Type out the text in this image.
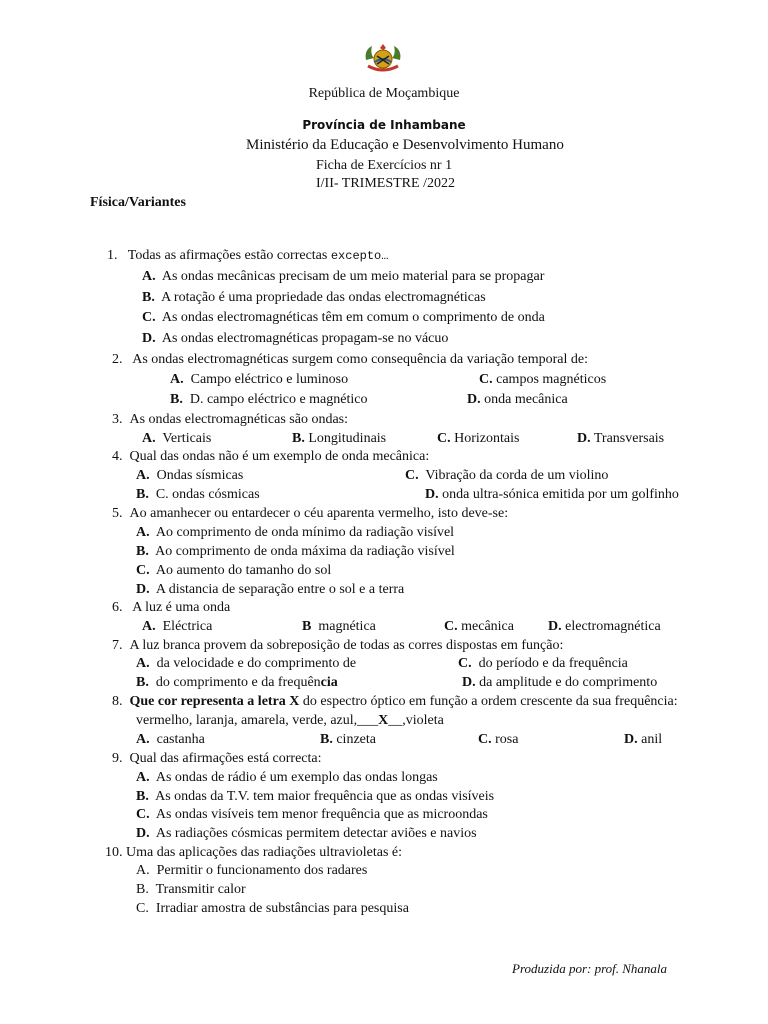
República de Moçambique
Província de Inhambane
Ministério da Educação e Desenvolvimento Humano
Ficha de Exercícios nr 1
I/II- TRIMESTRE /2022
Física/Variantes
1. Todas as afirmações estão correctas excepto…
A. As ondas mecânicas precisam de um meio material para se propagar
B. A rotação é uma propriedade das ondas electromagnéticas
C.  As ondas electromagnéticas têm em comum o comprimento de onda
D. As ondas electromagnéticas propagam-se no vácuo
2.   As ondas electromagnéticas surgem como consequência da variação temporal de:
A. Campo eléctrico e luminoso	C. campos magnéticos
B. D. campo eléctrico e magnético	D. onda mecânica
3. As ondas electromagnéticas são ondas:
A. Verticais	B. Longitudinais	C. Horizontais	D. Transversais
4. Qual das ondas não é um exemplo de onda mecânica:
A. Ondas sísmicas	C. Vibração da corda de um violino
B. C. ondas cósmicas	D. onda ultra-sónica emitida por um golfinho
5. Ao amanhecer ou entardecer o céu aparenta vermelho, isto deve-se:
A.  Ao comprimento de onda mínimo da radiação visível
B. Ao comprimento de onda máxima da radiação visível
C. Ao aumento do tamanho do sol
D. A distancia de separação entre o sol e a terra
6.   A luz é uma onda
A. Eléctrica	B magnética	C. mecânica D. electromagnética
7. A luz branca provem da sobreposição de todas as corres dispostas em função:
A. da velocidade e do comprimento de	C.  do período e da frequência
B. do comprimento e da frequência	D. da amplitude e do comprimento
8. Que cor representa a letra X do espectro óptico em função a ordem crescente da sua frequência:
vermelho, laranja, amarela, verde, azul,___X__,violeta
A. castanha	B. cinzeta	C. rosa	D. anil
9. Qual das afirmações está correcta:
A. As ondas de rádio é um exemplo das ondas longas
B. As ondas da T.V. tem maior frequência que as ondas visíveis
C. As ondas visíveis tem menor frequência que as microondas
D. As radiações cósmicas permitem detectar aviões e navios
10. Uma das aplicações das radiações ultravioletas é:
A. Permitir o funcionamento dos radares
B. Transmitir calor
C. Irradiar amostra de substâncias para pesquisa
Produzida por: prof. Nhanala
